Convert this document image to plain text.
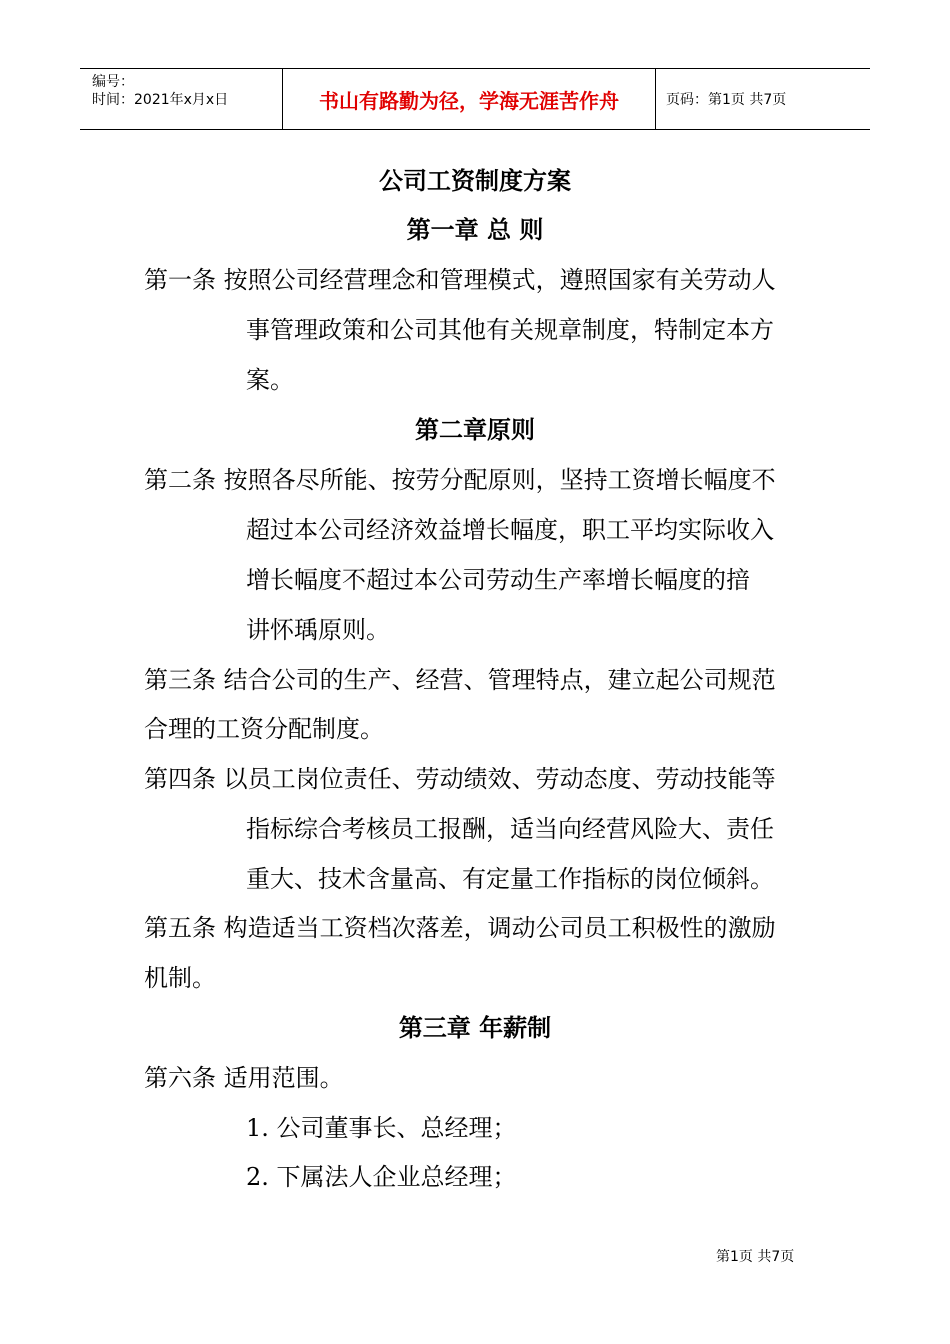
编号：
时间：2021年x月x日	书山有路勤为径，学海无涯苦作舟	页码：第1页 共7页
公司工资制度方案
第一章 总 则
第一条 按照公司经营理念和管理模式，遵照国家有关劳动人
事管理政策和公司其他有关规章制度，特制定本方
案。
第二章原则
第二条 按照各尽所能、按劳分配原则，坚持工资增长幅度不
超过本公司经济效益增长幅度，职工平均实际收入
增长幅度不超过本公司劳动生产率增长幅度的揞
讲怀瑀原则。
第三条 结合公司的生产、经营、管理特点，建立起公司规范
合理的工资分配制度。
第四条 以员工岗位责任、劳动绩效、劳动态度、劳动技能等
指标综合考核员工报酬，适当向经营风险大、责任
重大、技术含量高、有定量工作指标的岗位倾斜。
第五条 构造适当工资档次落差，调动公司员工积极性的激励
机制。
第三章 年薪制
第六条 适用范围。
1. 公司董事长、总经理；
2. 下属法人企业总经理；
第1页 共7页
